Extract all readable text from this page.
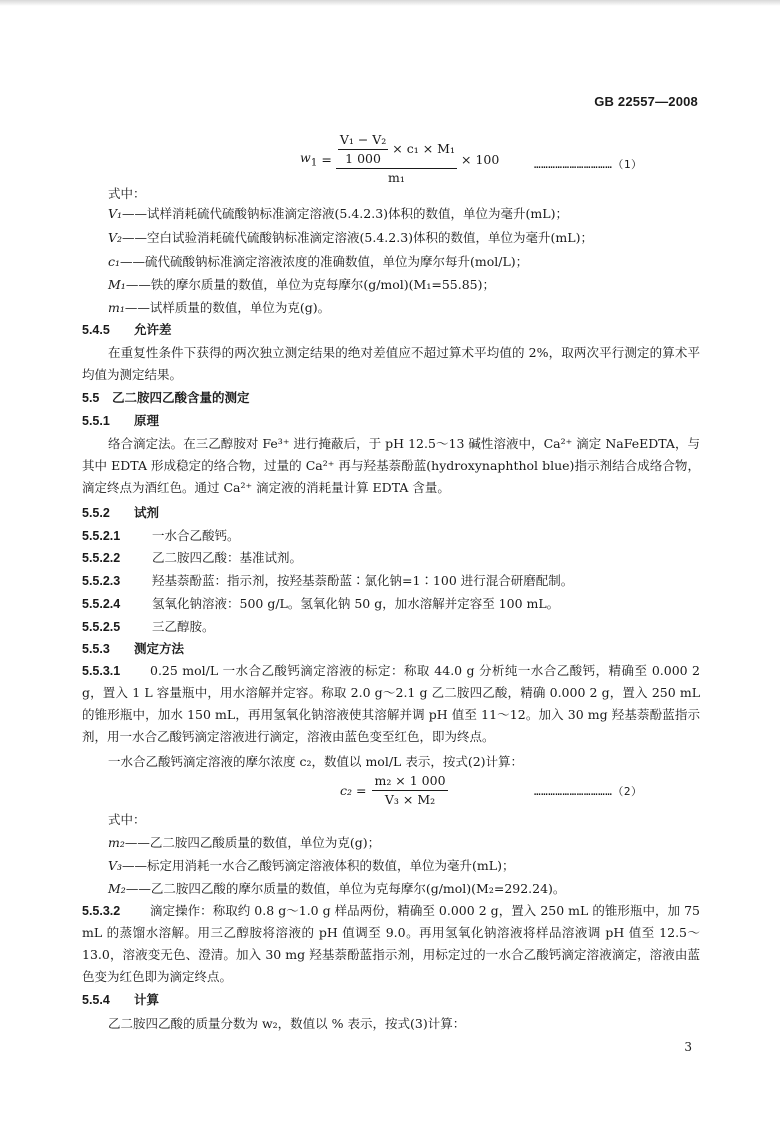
GB 22557—2008
$w_1 = \frac{\frac{\text{V₁ − V₂}}{1 000} \times c_1 \times M_1}{\text{m₁}} \times 100$	……………………………（1）
式中：
V₁——试样消耗硫代硫酸钠标准滴定溶液(5.4.2.3)体积的数值，单位为毫升(mL)；
V₂——空白试验消耗硫代硫酸钠标准滴定溶液(5.4.2.3)体积的数值，单位为毫升(mL)；
c₁——硫代硫酸钠标准滴定溶液浓度的准确数值，单位为摩尔每升(mol/L)；
M₁——铁的摩尔质量的数值，单位为克每摩尔(g/mol)(M₁=55.85)；
m₁——试样质量的数值，单位为克(g)。
5.4.5 允许差
在重复性条件下获得的两次独立测定结果的绝对差值应不超过算术平均值的 2%，取两次平行测定的算术平均值为测定结果。
5.5 乙二胺四乙酸含量的测定
5.5.1 原理
络合滴定法。在三乙醇胺对 Fe³⁺ 进行掩蔽后，于 pH 12.5～13 碱性溶液中，Ca²⁺ 滴定 NaFeEDTA，与其中 EDTA 形成稳定的络合物，过量的 Ca²⁺ 再与羟基萘酚蓝(hydroxynaphthol blue)指示剂结合成络合物，滴定终点为酒红色。通过 Ca²⁺ 滴定液的消耗量计算 EDTA 含量。
5.5.2 试剂
5.5.2.1	一水合乙酸钙。
5.5.2.2	乙二胺四乙酸：基准试剂。
5.5.2.3	羟基萘酚蓝：指示剂，按羟基萘酚蓝∶氯化钠=1∶100 进行混合研磨配制。
5.5.2.4	氢氧化钠溶液：500 g/L。氢氧化钠 50 g，加水溶解并定容至 100 mL。
5.5.2.5	三乙醇胺。
5.5.3 测定方法
5.5.3.1 0.25 mol/L 一水合乙酸钙滴定溶液的标定：称取 44.0 g 分析纯一水合乙酸钙，精确至 0.000 2 g，置入 1 L 容量瓶中，用水溶解并定容。称取 2.0 g～2.1 g 乙二胺四乙酸，精确 0.000 2 g，置入 250 mL 的锥形瓶中，加水 150 mL，再用氢氧化钠溶液使其溶解并调 pH 值至 11～12。加入 30 mg 羟基萘酚蓝指示剂，用一水合乙酸钙滴定溶液进行滴定，溶液由蓝色变至红色，即为终点。
一水合乙酸钙滴定溶液的摩尔浓度 c₂，数值以 mol/L 表示，按式(2)计算：
$c_2 = \frac{\text{m₂ × 1 000}}{\text{V₃ × M₂}}$	……………………………（2）
式中：
m₂——乙二胺四乙酸质量的数值，单位为克(g)；
V₃——标定用消耗一水合乙酸钙滴定溶液体积的数值，单位为毫升(mL)；
M₂——乙二胺四乙酸的摩尔质量的数值，单位为克每摩尔(g/mol)(M₂=292.24)。
5.5.3.2 滴定操作：称取约 0.8 g～1.0 g 样品两份，精确至 0.000 2 g，置入 250 mL 的锥形瓶中，加 75 mL 的蒸馏水溶解。用三乙醇胺将溶液的 pH 值调至 9.0。再用氢氧化钠溶液将样品溶液调 pH 值至 12.5～13.0，溶液变无色、澄清。加入 30 mg 羟基萘酚蓝指示剂，用标定过的一水合乙酸钙滴定溶液滴定，溶液由蓝色变为红色即为滴定终点。
5.5.4 计算
乙二胺四乙酸的质量分数为 w₂，数值以 % 表示，按式(3)计算：
3
